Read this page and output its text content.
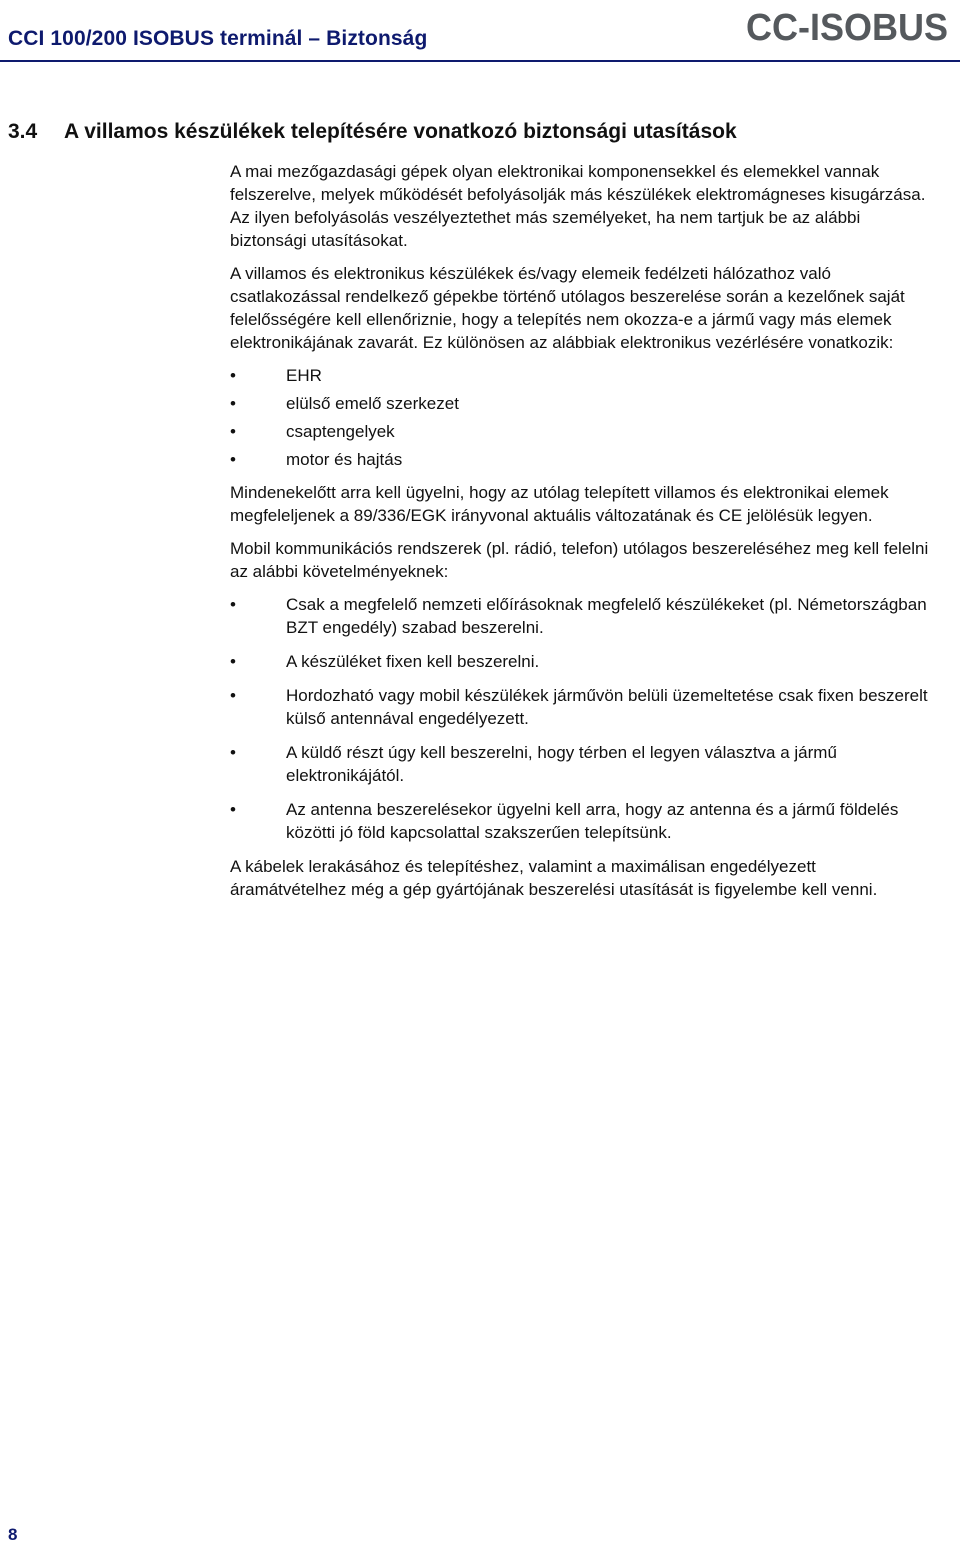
CCI 100/200 ISOBUS terminál – Biztonság	CC-ISOBUS
3.4 A villamos készülékek telepítésére vonatkozó biztonsági utasítások

A mai mezőgazdasági gépek olyan elektronikai komponensekkel és elemekkel vannak felszerelve, melyek működését befolyásolják más készülékek elektromágneses kisugárzása. Az ilyen befolyásolás veszélyeztethet más személyeket, ha nem tartjuk be az alábbi biztonsági utasításokat.

A villamos és elektronikus készülékek és/vagy elemeik fedélzeti hálózathoz való csatlakozással rendelkező gépekbe történő utólagos beszerelése során a kezelőnek saját felelősségére kell ellenőriznie, hogy a telepítés nem okozza-e a jármű vagy más elemek elektronikájának zavarát. Ez különösen az alábbiak elektronikus vezérlésére vonatkozik:

•	EHR
•	elülső emelő szerkezet
•	csaptengelyek
•	motor és hajtás

Mindenekelőtt arra kell ügyelni, hogy az utólag telepített villamos és elektronikai elemek megfeleljenek a 89/336/EGK irányvonal aktuális változatának és CE jelölésük legyen.

Mobil kommunikációs rendszerek (pl. rádió, telefon) utólagos beszereléséhez meg kell felelni az alábbi követelményeknek:

•	Csak a megfelelő nemzeti előírásoknak megfelelő készülékeket (pl. Németországban BZT engedély) szabad beszerelni.
•	A készüléket fixen kell beszerelni.
•	Hordozható vagy mobil készülékek járművön belüli üzemeltetése csak fixen beszerelt külső antennával engedélyezett.
•	A küldő részt úgy kell beszerelni, hogy térben el legyen választva a jármű elektronikájától.
•	Az antenna beszerelésekor ügyelni kell arra, hogy az antenna és a jármű földelés közötti jó föld kapcsolattal szakszerűen telepítsünk.

A kábelek lerakásához és telepítéshez, valamint a maximálisan engedélyezett áramátvételhez még a gép gyártójának beszerelési utasítását is figyelembe kell venni.

8
